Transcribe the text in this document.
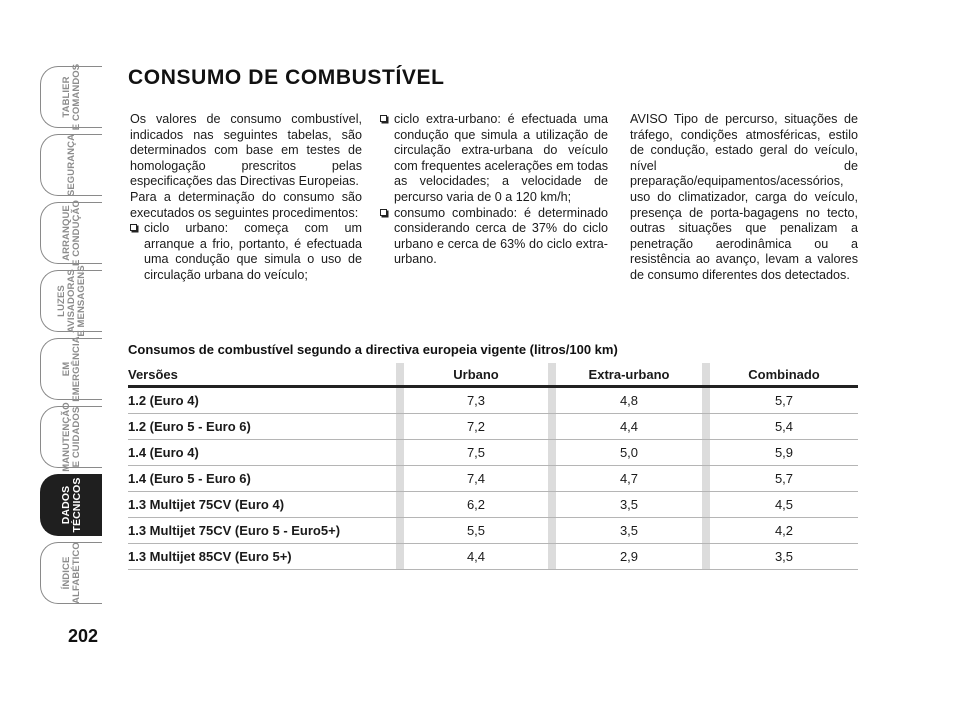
TABLIER
E COMANDOS
SEGURANÇA
ARRANQUE
E CONDUÇÃO
LUZES
AVISADORAS
E MENSAGENS
EM
EMERGÊNCIA
MANUTENÇÃO
E CUIDADOS
DADOS
TÉCNICOS
ÍNDICE
ALFABÉTICO
202
CONSUMO DE COMBUSTÍVEL

Os valores de consumo combustível, indicados nas seguintes tabelas, são determinados com base em testes de homologação prescritos pelas especificações das Directivas Europeias.

Para a determinação do consumo são executados os seguintes procedimentos:

ciclo urbano: começa com um arranque a frio, portanto, é efectuada uma condução que simula o uso de circulação urbana do veículo;
ciclo extra-urbano: é efectuada uma condução que simula a utilização de circulação extra-urbana do veículo com frequentes acelerações em todas as velocidades; a velocidade de percurso varia de 0 a 120 km/h;
consumo combinado: é determinado considerando cerca de 37% do ciclo urbano e cerca de 63% do ciclo extra-urbano.

AVISO Tipo de percurso, situações de tráfego, condições atmosféricas, estilo de condução, estado geral do veículo, nível de preparação/equipamentos/acessórios, uso do climatizador, carga do veículo, presença de porta-bagagens no tecto, outras situações que penalizam a penetração aerodinâmica ou a resistência ao avanço, levam a valores de consumo diferentes dos detectados.

Consumos de combustível segundo a directiva europeia vigente (litros/100 km)
Versões		Urbano		Extra-urbano		Combinado
1.2 (Euro 4)		7,3		4,8		5,7
1.2 (Euro 5 - Euro 6)		7,2		4,4		5,4
1.4 (Euro 4)		7,5		5,0		5,9
1.4 (Euro 5 - Euro 6)		7,4		4,7		5,7
1.3 Multijet 75CV (Euro 4)		6,2		3,5		4,5
1.3 Multijet 75CV (Euro 5 - Euro5+)		5,5		3,5		4,2
1.3 Multijet 85CV (Euro 5+)		4,4		2,9		3,5
